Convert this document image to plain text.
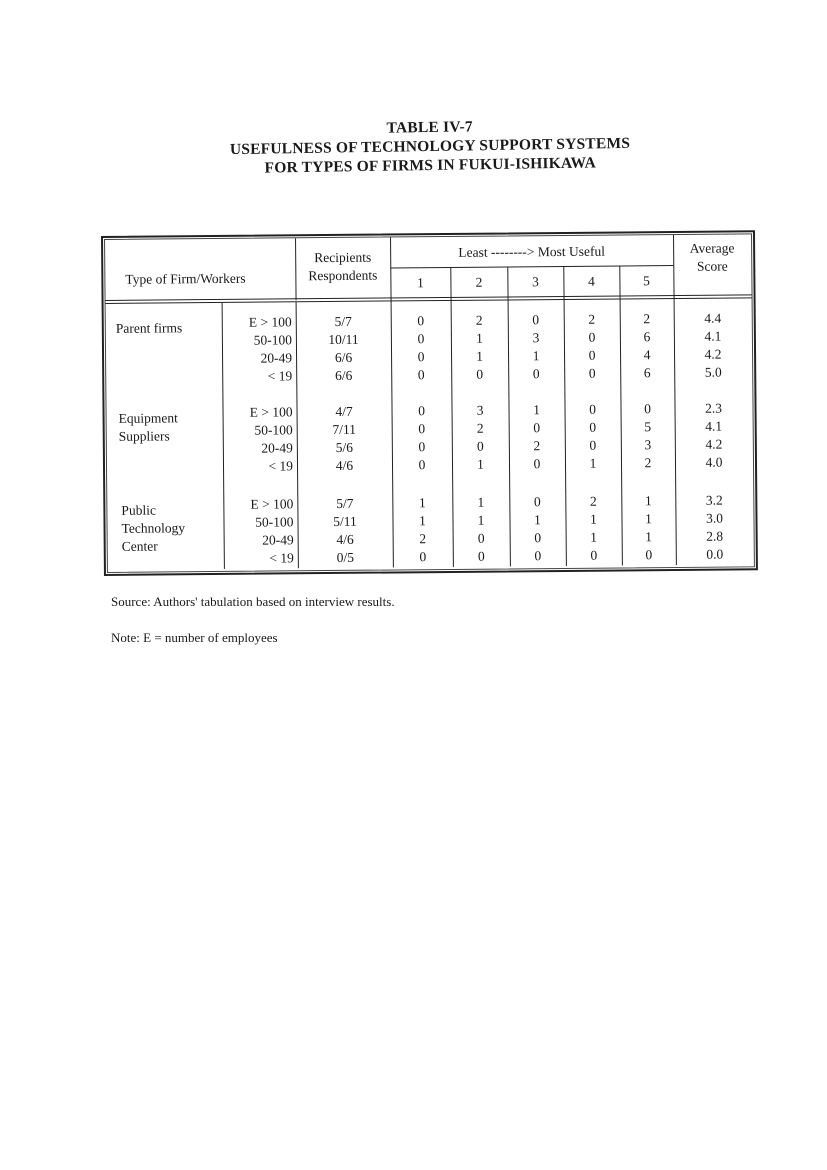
TABLE IV-7
USEFULNESS OF TECHNOLOGY SUPPORT SYSTEMS
FOR TYPES OF FIRMS IN FUKUI-ISHIKAWA
Type of Firm/Workers
Recipients
Respondents
Least --------> Most Useful
1	2	3	4	5
Average
Score
Parent firms	E > 100	5/7	0	2	0	2	2	4.4
50-100	10/11	0	1	3	0	6	4.1
20-49	6/6	0	1	1	0	4	4.2
< 19	6/6	0	0	0	0	6	5.0
Equipment
Suppliers
E > 100	4/7	0	3	1	0	0	2.3
50-100	7/11	0	2	0	0	5	4.1
20-49	5/6	0	0	2	0	3	4.2
< 19	4/6	0	1	0	1	2	4.0
Public
Technology
Center
E > 100	5/7	1	1	0	2	1	3.2
50-100	5/11	1	1	1	1	1	3.0
20-49	4/6	2	0	0	1	1	2.8
< 19	0/5	0	0	0	0	0	0.0
Source: Authors' tabulation based on interview results.
Note: E = number of employees
